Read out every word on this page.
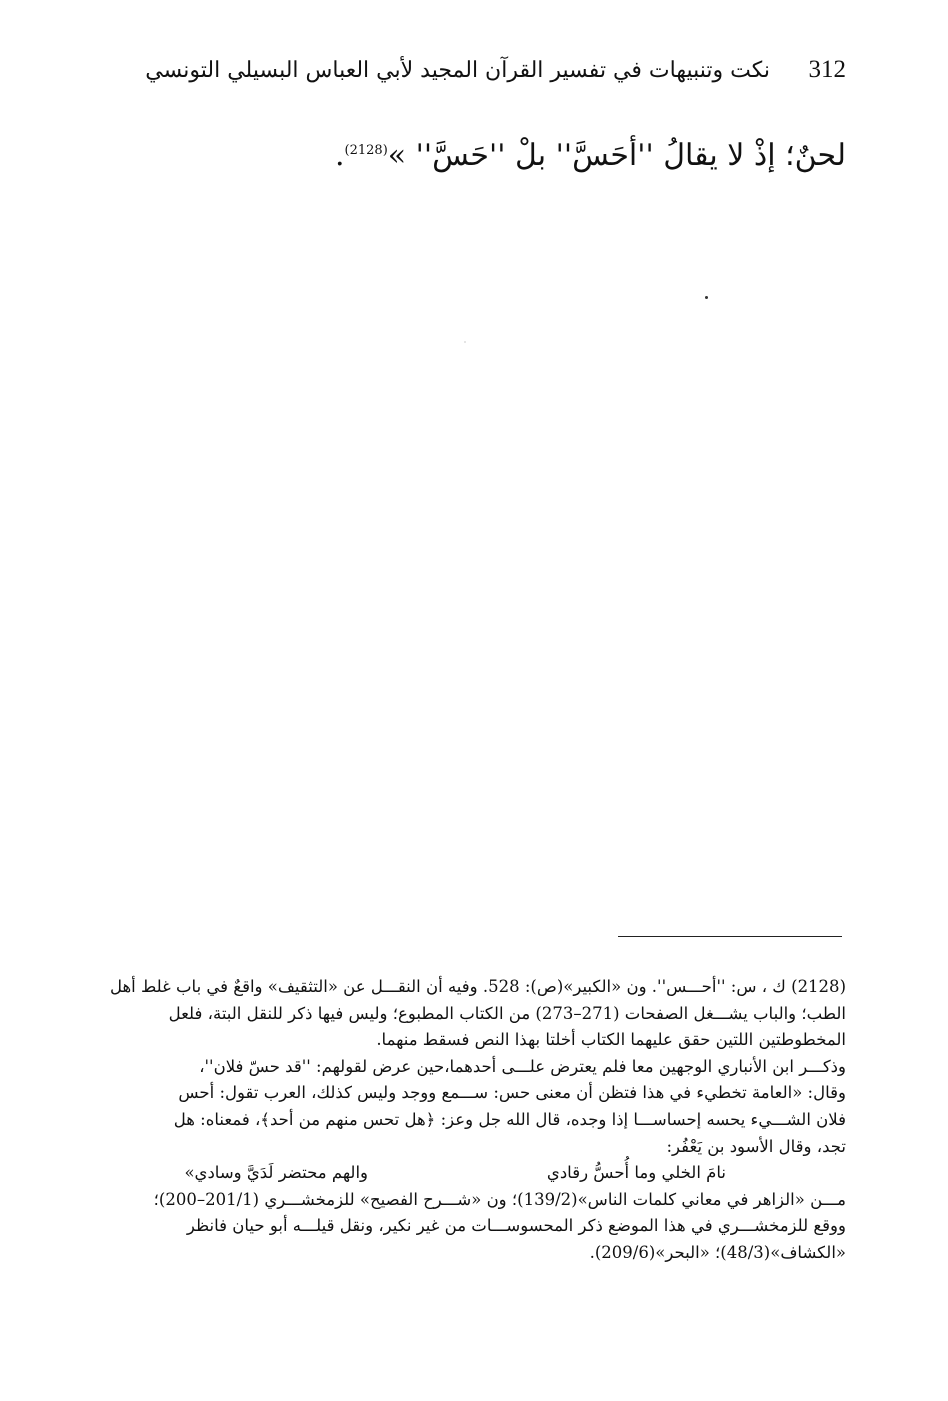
312
نكت وتنبيهات في تفسير القرآن المجيد لأبي العباس البسيلي التونسي
لحنٌ؛ إذْ لا يقالُ ''أحَسَّ'' بلْ ''حَسَّ'' »$^{(2128)}$.
(2128) ك ، س: ''أحـــس''. ون «الكبير»(ص): 528. وفيه أن النقـــل عن «التثقيف» واقعٌ في باب غلط أهل
الطب؛ والباب يشـــغل الصفحات (271–273) من الكتاب المطبوع؛ وليس فيها ذكر للنقل البتة، فلعل
المخطوطتين اللتين حقق عليهما الكتاب أخلتا بهذا النص فسقط منهما.
وذكـــر ابن الأنباري الوجهين معا فلم يعترض علـــى أحدهما،حين عرض لقولهم: ''قد حسّ فلان''،
وقال: «العامة تخطيء في هذا فتظن أن معنى حس: ســـمع ووجد وليس كذلك، العرب تقول: أحس
فلان الشـــيء يحسه إحساســـا إذا وجده، قال الله جل وعز: ﴿هل تحس منهم من أحد﴾، فمعناه: هل
تجد، وقال الأسود بن يَعْفُر:
نامَ الخلي وما أُحسُّ رقادي
والهم محتضر لَدَيَّ وسادي»
مـــن «الزاهر في معاني كلمات الناس»(139/2)؛ ون «شـــرح الفصيح» للزمخشـــري (201/1–200)؛
ووقع للزمخشـــري في هذا الموضع ذكر المحسوســـات من غير نكير، ونقل قيلـــه أبو حيان فانظر
«الكشاف»(48/3)؛ «البحر»(209/6).
